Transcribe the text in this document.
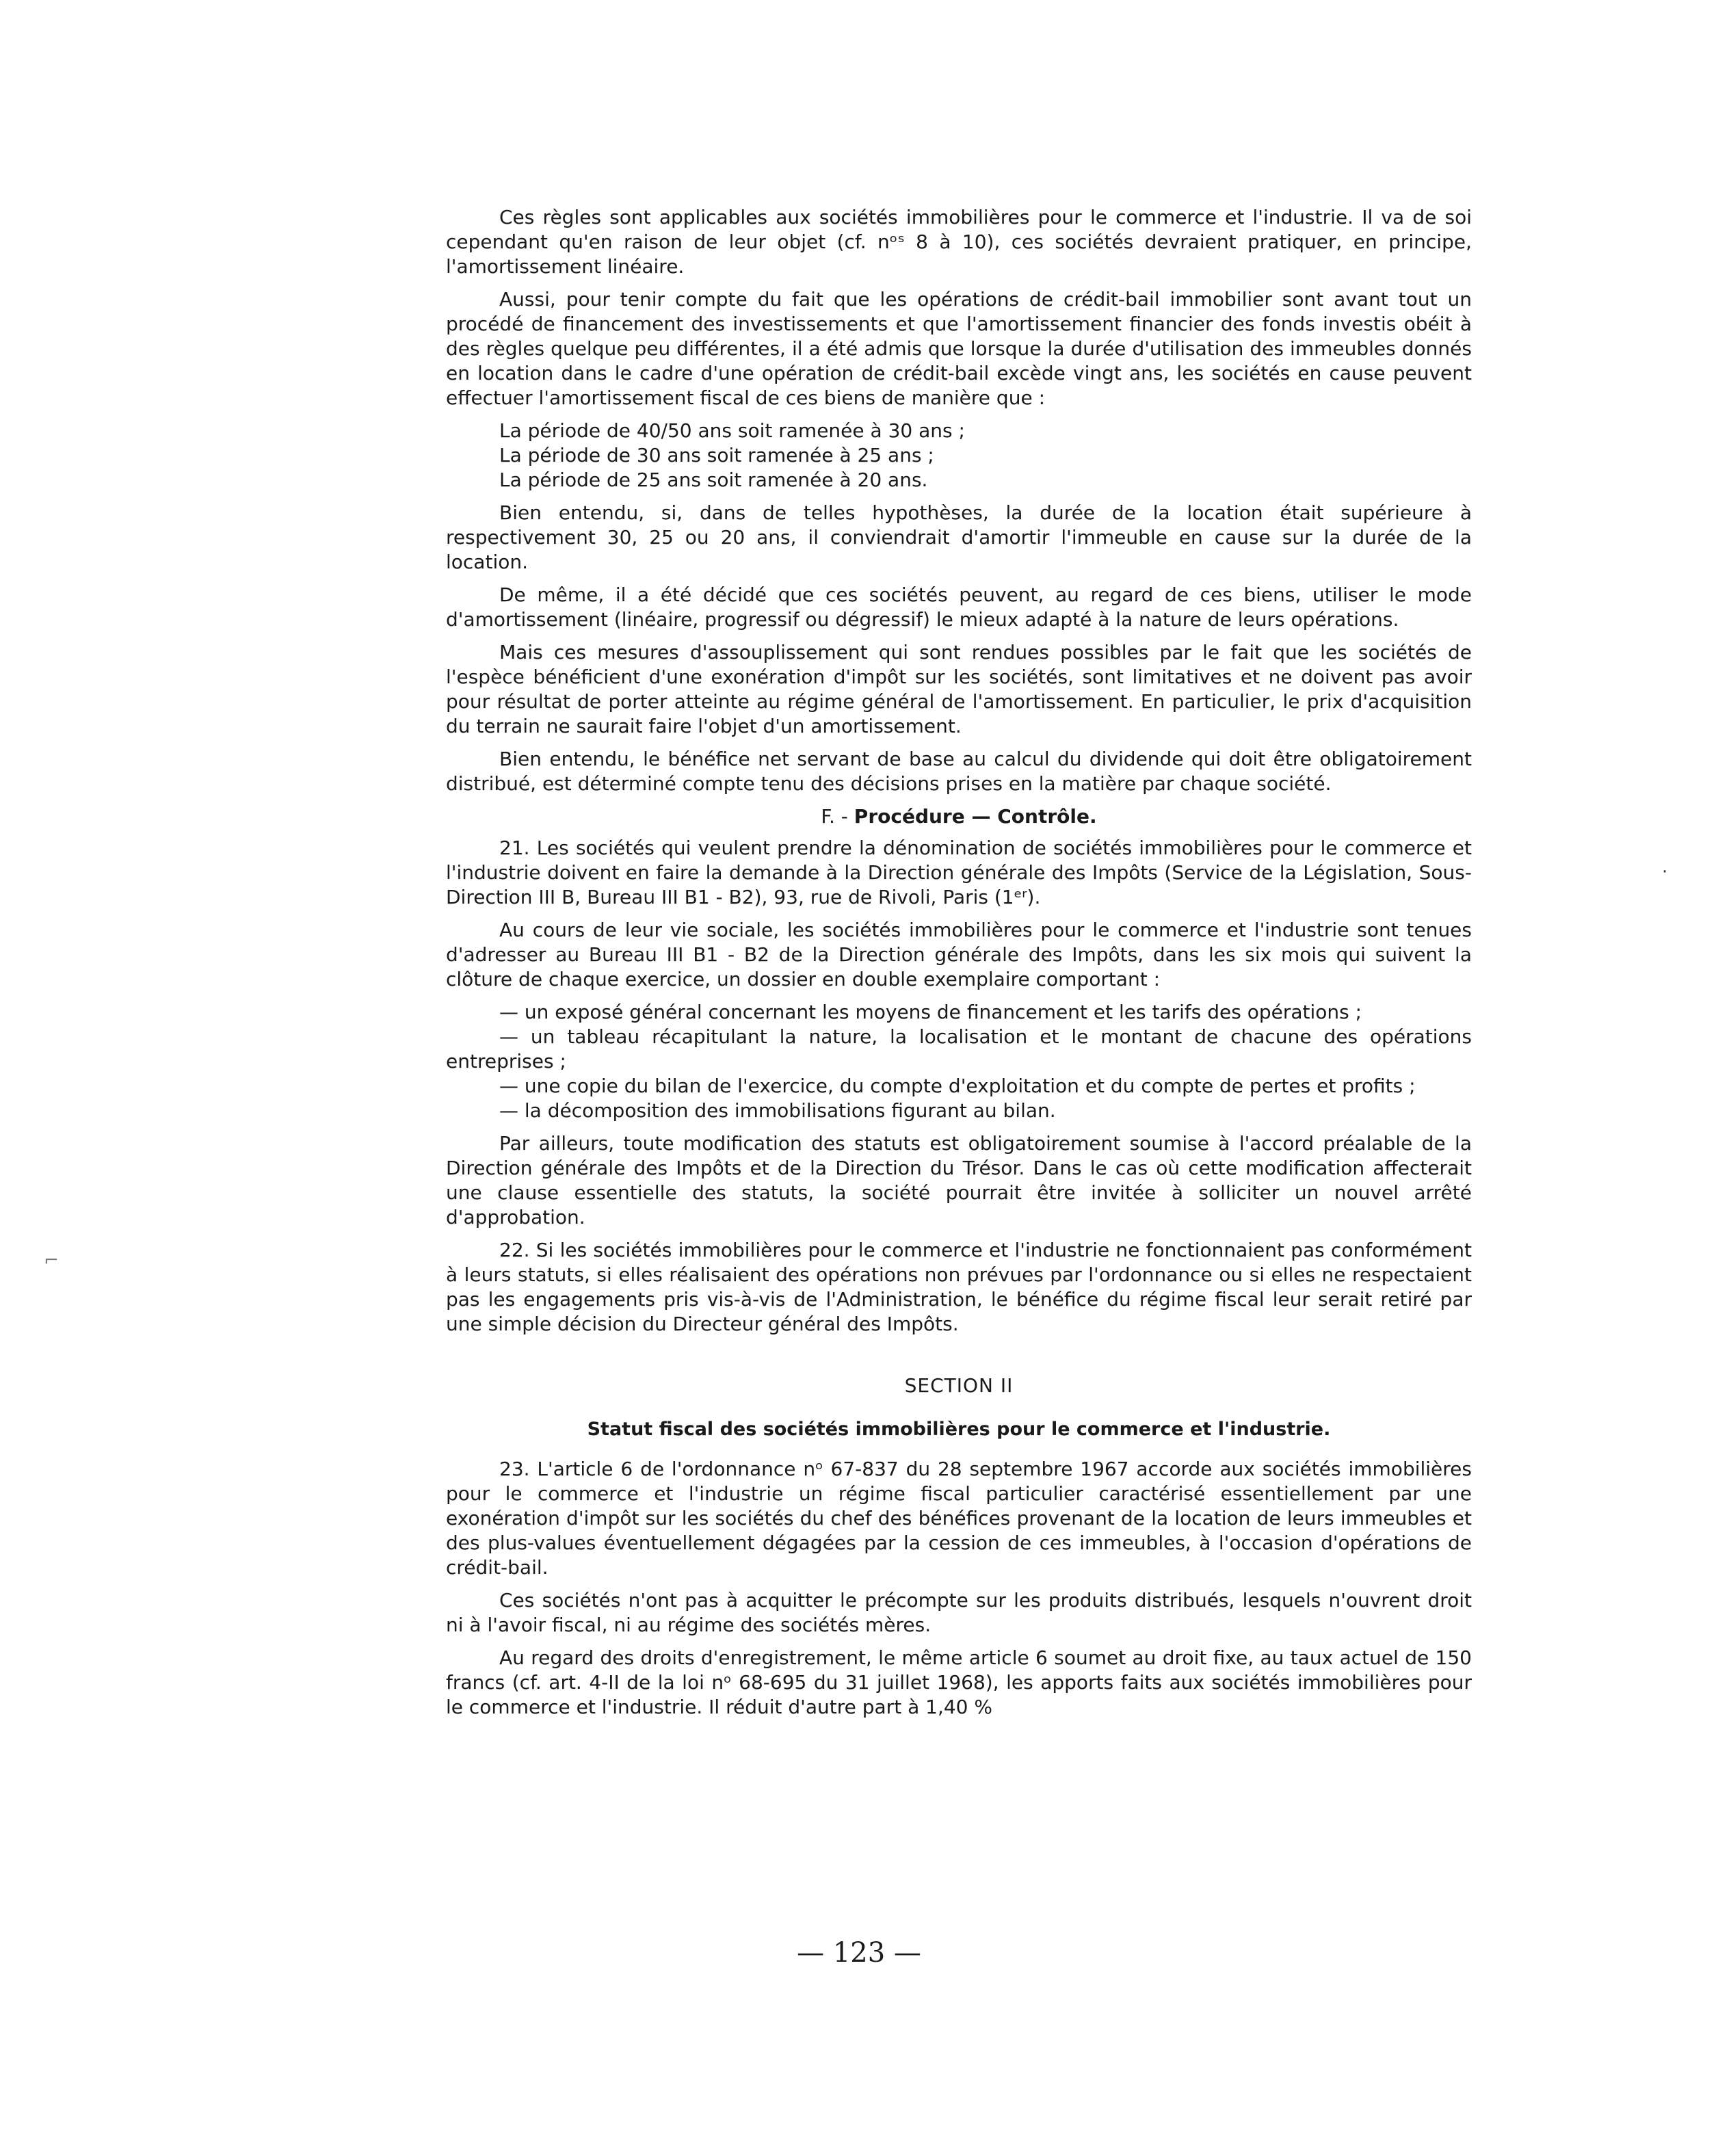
Ces règles sont applicables aux sociétés immobilières pour le commerce et l'industrie. Il va de soi cependant qu'en raison de leur objet (cf. nᵒˢ 8 à 10), ces sociétés devraient pratiquer, en principe, l'amortissement linéaire.

Aussi, pour tenir compte du fait que les opérations de crédit-bail immobilier sont avant tout un procédé de financement des investissements et que l'amortissement financier des fonds investis obéit à des règles quelque peu différentes, il a été admis que lorsque la durée d'utilisation des immeubles donnés en location dans le cadre d'une opération de crédit-bail excède vingt ans, les sociétés en cause peuvent effectuer l'amortissement fiscal de ces biens de manière que :

La période de 40/50 ans soit ramenée à 30 ans ;

La période de 30 ans soit ramenée à 25 ans ;

La période de 25 ans soit ramenée à 20 ans.

Bien entendu, si, dans de telles hypothèses, la durée de la location était supérieure à respectivement 30, 25 ou 20 ans, il conviendrait d'amortir l'immeuble en cause sur la durée de la location.

De même, il a été décidé que ces sociétés peuvent, au regard de ces biens, utiliser le mode d'amortissement (linéaire, progressif ou dégressif) le mieux adapté à la nature de leurs opérations.

Mais ces mesures d'assouplissement qui sont rendues possibles par le fait que les sociétés de l'espèce bénéficient d'une exonération d'impôt sur les sociétés, sont limitatives et ne doivent pas avoir pour résultat de porter atteinte au régime général de l'amortissement. En particulier, le prix d'acquisition du terrain ne saurait faire l'objet d'un amortissement.

Bien entendu, le bénéfice net servant de base au calcul du dividende qui doit être obligatoirement distribué, est déterminé compte tenu des décisions prises en la matière par chaque société.

F. - Procédure — Contrôle.

21. Les sociétés qui veulent prendre la dénomination de sociétés immobilières pour le commerce et l'industrie doivent en faire la demande à la Direction générale des Impôts (Service de la Législation, Sous-Direction III B, Bureau III B1 - B2), 93, rue de Rivoli, Paris (1ᵉʳ).

Au cours de leur vie sociale, les sociétés immobilières pour le commerce et l'industrie sont tenues d'adresser au Bureau III B1 - B2 de la Direction générale des Impôts, dans les six mois qui suivent la clôture de chaque exercice, un dossier en double exemplaire comportant :

— un exposé général concernant les moyens de financement et les tarifs des opérations ;

— un tableau récapitulant la nature, la localisation et le montant de chacune des opérations entreprises ;

— une copie du bilan de l'exercice, du compte d'exploitation et du compte de pertes et profits ;

— la décomposition des immobilisations figurant au bilan.

Par ailleurs, toute modification des statuts est obligatoirement soumise à l'accord préalable de la Direction générale des Impôts et de la Direction du Trésor. Dans le cas où cette modification affecterait une clause essentielle des statuts, la société pourrait être invitée à solliciter un nouvel arrêté d'approbation.

22. Si les sociétés immobilières pour le commerce et l'industrie ne fonctionnaient pas conformément à leurs statuts, si elles réalisaient des opérations non prévues par l'ordonnance ou si elles ne respectaient pas les engagements pris vis-à-vis de l'Administration, le bénéfice du régime fiscal leur serait retiré par une simple décision du Directeur général des Impôts.

SECTION II

Statut fiscal des sociétés immobilières pour le commerce et l'industrie.

23. L'article 6 de l'ordonnance nᵒ 67-837 du 28 septembre 1967 accorde aux sociétés immobilières pour le commerce et l'industrie un régime fiscal particulier caractérisé essentiellement par une exonération d'impôt sur les sociétés du chef des bénéfices provenant de la location de leurs immeubles et des plus-values éventuellement dégagées par la cession de ces immeubles, à l'occasion d'opérations de crédit-bail.

Ces sociétés n'ont pas à acquitter le précompte sur les produits distribués, lesquels n'ouvrent droit ni à l'avoir fiscal, ni au régime des sociétés mères.

Au regard des droits d'enregistrement, le même article 6 soumet au droit fixe, au taux actuel de 150 francs (cf. art. 4-II de la loi nᵒ 68-695 du 31 juillet 1968), les apports faits aux sociétés immobilières pour le commerce et l'industrie. Il réduit d'autre part à 1,40 %

— 123 —
⌐
·
